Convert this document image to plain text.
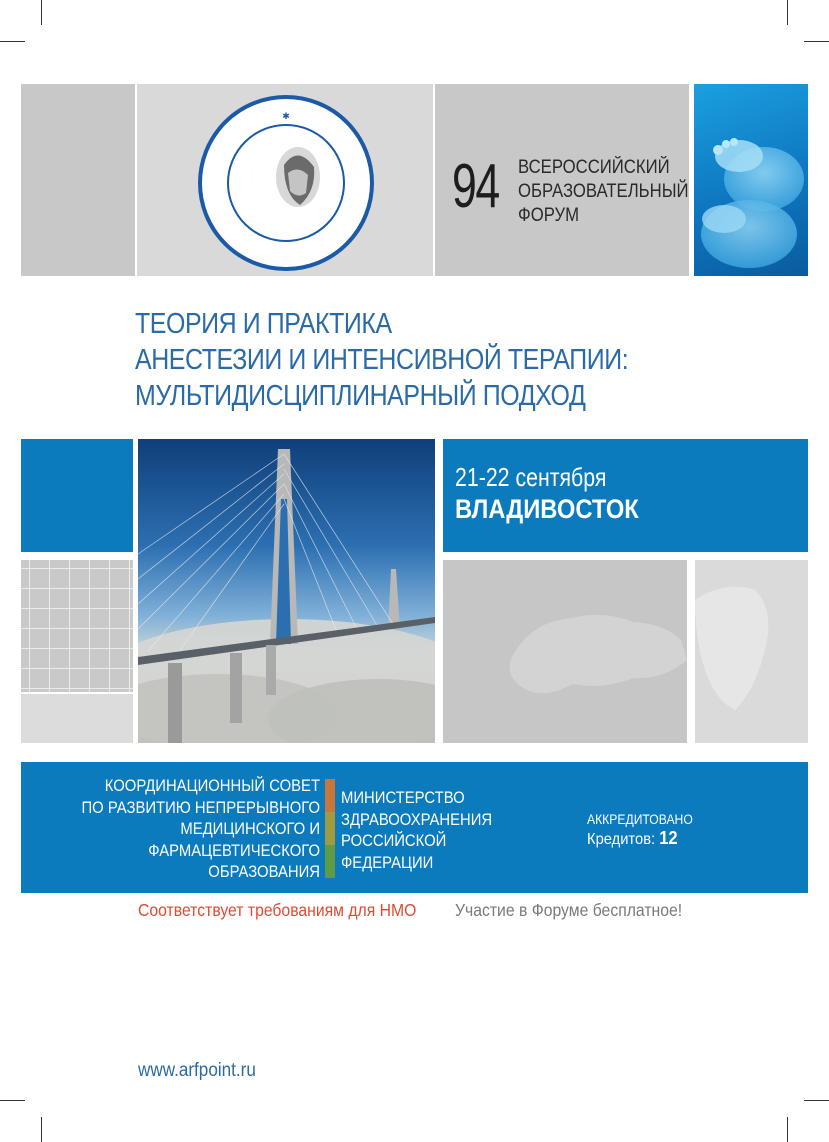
✱
94 ВСЕРОССИЙСКИЙ
ОБРАЗОВАТЕЛЬНЫЙ
ФОРУМ
ТЕОРИЯ И ПРАКТИКА
АНЕСТЕЗИИ И ИНТЕНСИВНОЙ ТЕРАПИИ:
МУЛЬТИДИСЦИПЛИНАРНЫЙ ПОДХОД
21-22 сентября
ВЛАДИВОСТОК
КООРДИНАЦИОННЫЙ СОВЕТ
ПО РАЗВИТИЮ НЕПРЕРЫВНОГО
МЕДИЦИНСКОГО И
ФАРМАЦЕВТИЧЕСКОГО
ОБРАЗОВАНИЯ
МИНИСТЕРСТВО
ЗДРАВООХРАНЕНИЯ
РОССИЙСКОЙ
ФЕДЕРАЦИИ
АККРЕДИТОВАНО
Кредитов: 12
Соответствует требованиям для НМО Участие в Форуме бесплатное!
www.arfpoint.ru
